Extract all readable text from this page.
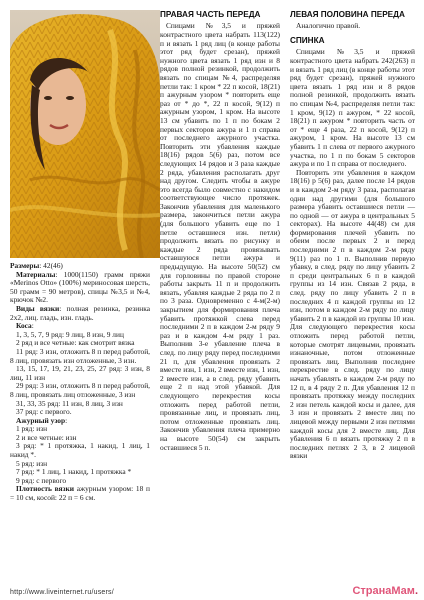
Размеры: 42(46)

Материалы: 1000(1150) грамм пряжи «Merinos Otto» (100%) мериносовая шерсть, 50 грамм = 90 метров), спицы №3,5 и №4, крючок №2.

Виды вязки: полная резинка, резинка 2х2, лиц. гладь, изн. гладь.

Коса:

1, 3, 5, 7, 9 ряд: 9 лиц, 8 изн, 9 лиц

2 ряд и все четные: как смотрит вязка

11 ряд: 3 изн, отложить 8 п перед работой, 8 лиц, провязать изн отложенные, 3 изн.

13, 15, 17, 19, 21, 23, 25, 27 ряд: 3 изн, 8 лиц, 11 изн

29 ряд: 3 изн, отложить 8 п перед работой, 8 лиц, провязать лиц отложенные, 3 изн

31, 33, 35 ряд: 11 изн, 8 лиц, 3 изн

37 ряд: с первого.

Ажурный узор:

1 ряд: изн

2 и все четные: изн

3 ряд: * 1 протяжка, 1 накид, 1 лиц, 1 накид *.

5 ряд: изн

7 ряд: * 1 лиц, 1 накид, 1 протяжка *

9 ряд: с первого

Плотность вязки ажурным узором: 18 п = 10 см, косой: 22 п = 6 см.

ПРАВАЯ ЧАСТЬ ПЕРЕДА

Спицами №3,5 и пряжей контрастного цвета набрать 113(122) п и вязать 1 ряд лиц (в конце работы этот ряд будет срезан), пряжей нужного цвета вязать 1 ряд изн и 8 рядов полной резинкой, продолжить вязать по спицам №4, распределяя петли так: 1 кром * 22 п косой, 18(21) п ажурным узором * повторить еще раз от * до *, 22 п косой, 9(12) п ажурным узором, 1 кром. На высоте 13 см убавить по 1 п по бокам 2 первых секторов ажура и 1 п справа от последнего ажурного участка. Повторить эти убавления каждые 18(16) рядов 5(6) раз, потом все следующих 14 рядов и 3 раза каждые 2 ряда, убавления располагать друг над другом. Следить чтобы в ажуре это всегда было совместно с накидом соответствующее число протяжек. Закончив убавления для маленького размера, закончиться петли ажура (для большого убавить еще по 1 петле оставшиеся изн. петли) продолжить вязать по рисунку и каждые 2 ряда провязывать оставшуюся петли ажура и предыдущую. На высоте 50(52) см для горловины по правой стороне работы закрыть 11 п и продолжить вязать, убавляя каждые 2 ряда по 2 п по 3 раза. Одновременно с 4-м(2-м) закрытием для формирования плеча убавить протяжкой слева перед последними 2 п в каждом 2-м ряду 9 раз и в каждом 4-м ряду 1 раз. Выполнив 3-е убавление плеча в след. по лицу ряду перед последними 21 п, для убавления провязать 2 вместе изн, 1 изн, 2 вместе изн, 1 изн, 2 вместе изн, а в след. ряду убавить еще 2 п над этой убавкой. Для следующего перекрестия косы отложить перед работой петли, провязанные лиц, и провязать лиц, потом отложенные провязать лиц. Закончив убавления плеча примерно на высоте 50(54) см закрыть оставшиеся 5 п.

ЛЕВАЯ ПОЛОВИНА ПЕРЕДА

Аналогично правой.

СПИНКА

Спицами №3,5 и пряжей контрастного цвета набрать 242(263) п и вязать 1 ряд лиц (в конце работы этот ряд будет срезан), пряжей нужного цвета вязать 1 ряд изн и 8 рядов полной резинкой, продолжить вязать по спицам №4, распределяя петли так: 1 кром, 9(12) п ажуром, * 22 косой, 18(21) п ажуром * повторить часть от от * еще 4 раза, 22 п косой, 9(12) п ажуром, 1 кром. На высоте 13 см убавить 1 п слева от первого ажурного участка, по 1 п по бокам 5 секторов ажура и по 1 п справа от последнего.

Повторить эти убавления в каждом 18(16) р 5(6) раз, далее после 14 рядов и в каждом 2-м ряду 3 раза, располагая одни над другими (для большого размера убавить оставшиеся петли — по одной — от ажура в центральных 5 секторах). На высоте 44(48) см для формирования плечей убавить по обеим после первых 2 и перед последними 2 п в каждом 2-м ряду 9(11) раз по 1 п. Выполнив первую убавку, в след. ряду по лицу убавить 2 п среди центральных 6 п в каждой группы из 14 изн. Связав 2 ряда, в след. ряду по лицу убавить 2 п в последних 4 п каждой группы из 12 изн, потом в каждом 2-м ряду по лицу убавить 2 п в каждой из группы 10 изн. Для следующего перекрестия косы отложить перед работой петли, которые смотрят лицевыми, провязать изнаночные, потом отложенные провязать лиц. Выполнив последнее перекрестие в след. ряду по лицу начать убавлять в каждом 2-м ряду по 12 п, в 4 ряду 2 п. Для убавления 12 п провязать протяжку между последних 2 изн петель каждой косы и далее, для 3 изн и провязать 2 вместе лиц по лицевой между первыми 2 изн петлями каждой косы для 2 вместе лиц. Для убавления 6 п вязать протяжку 2 п в последних петлях 2 3, в 2 лицевой вязки

http://www.liveinternet.ru/users/	СтранаМам.
